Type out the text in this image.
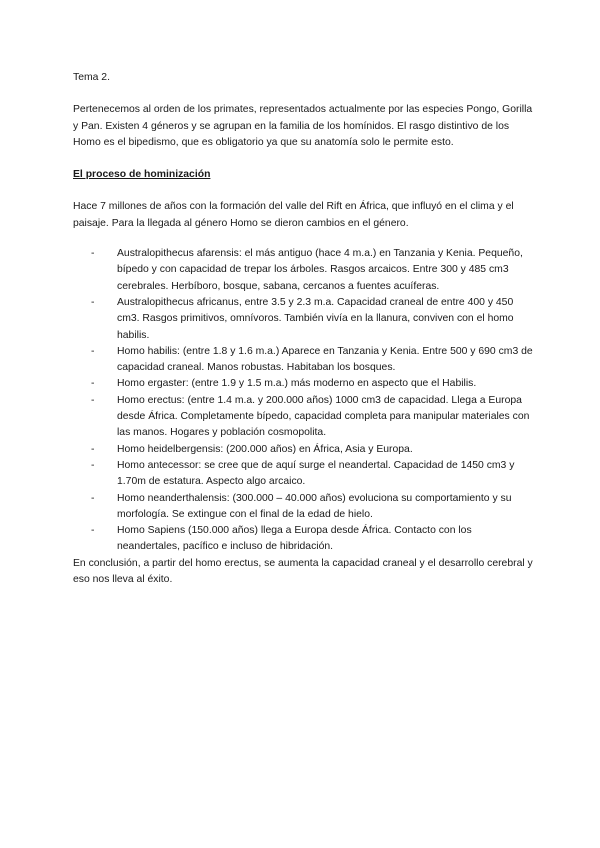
Tema 2.

Pertenecemos al orden de los primates, representados actualmente por las especies Pongo, Gorilla y Pan. Existen 4 géneros y se agrupan en la familia de los homínidos. El rasgo distintivo de los Homo es el bipedismo, que es obligatorio ya que su anatomía solo le permite esto.

El proceso de hominización

Hace 7 millones de años con la formación del valle del Rift en África, que influyó en el clima y el paisaje. Para la llegada al género Homo se dieron cambios en el género.

- Australopithecus afarensis: el más antiguo (hace 4 m.a.) en Tanzania y Kenia. Pequeño, bípedo y con capacidad de trepar los árboles. Rasgos arcaicos. Entre 300 y 485 cm3 cerebrales. Herbíboro, bosque, sabana, cercanos a fuentes acuíferas.
- Australopithecus africanus, entre 3.5 y 2.3 m.a. Capacidad craneal de entre 400 y 450 cm3. Rasgos primitivos, omnívoros. También vivía en la llanura, conviven con el homo habilis.
- Homo habilis: (entre 1.8 y 1.6 m.a.) Aparece en Tanzania y Kenia. Entre 500 y 690 cm3 de capacidad craneal. Manos robustas. Habitaban los bosques.
- Homo ergaster: (entre 1.9 y 1.5 m.a.) más moderno en aspecto que el Habilis.
- Homo erectus: (entre 1.4 m.a. y 200.000 años) 1000 cm3 de capacidad. Llega a Europa desde África. Completamente bípedo, capacidad completa para manipular materiales con las manos. Hogares y población cosmopolita.
- Homo heidelbergensis: (200.000 años) en África, Asia y Europa.
- Homo antecessor: se cree que de aquí surge el neandertal. Capacidad de 1450 cm3 y 1.70m de estatura. Aspecto algo arcaico.
- Homo neanderthalensis: (300.000 – 40.000 años) evoluciona su comportamiento y su morfología. Se extingue con el final de la edad de hielo.
- Homo Sapiens (150.000 años) llega a Europa desde África. Contacto con los neandertales, pacífico e incluso de hibridación.

En conclusión, a partir del homo erectus, se aumenta la capacidad craneal y el desarrollo cerebral y eso nos lleva al éxito.
